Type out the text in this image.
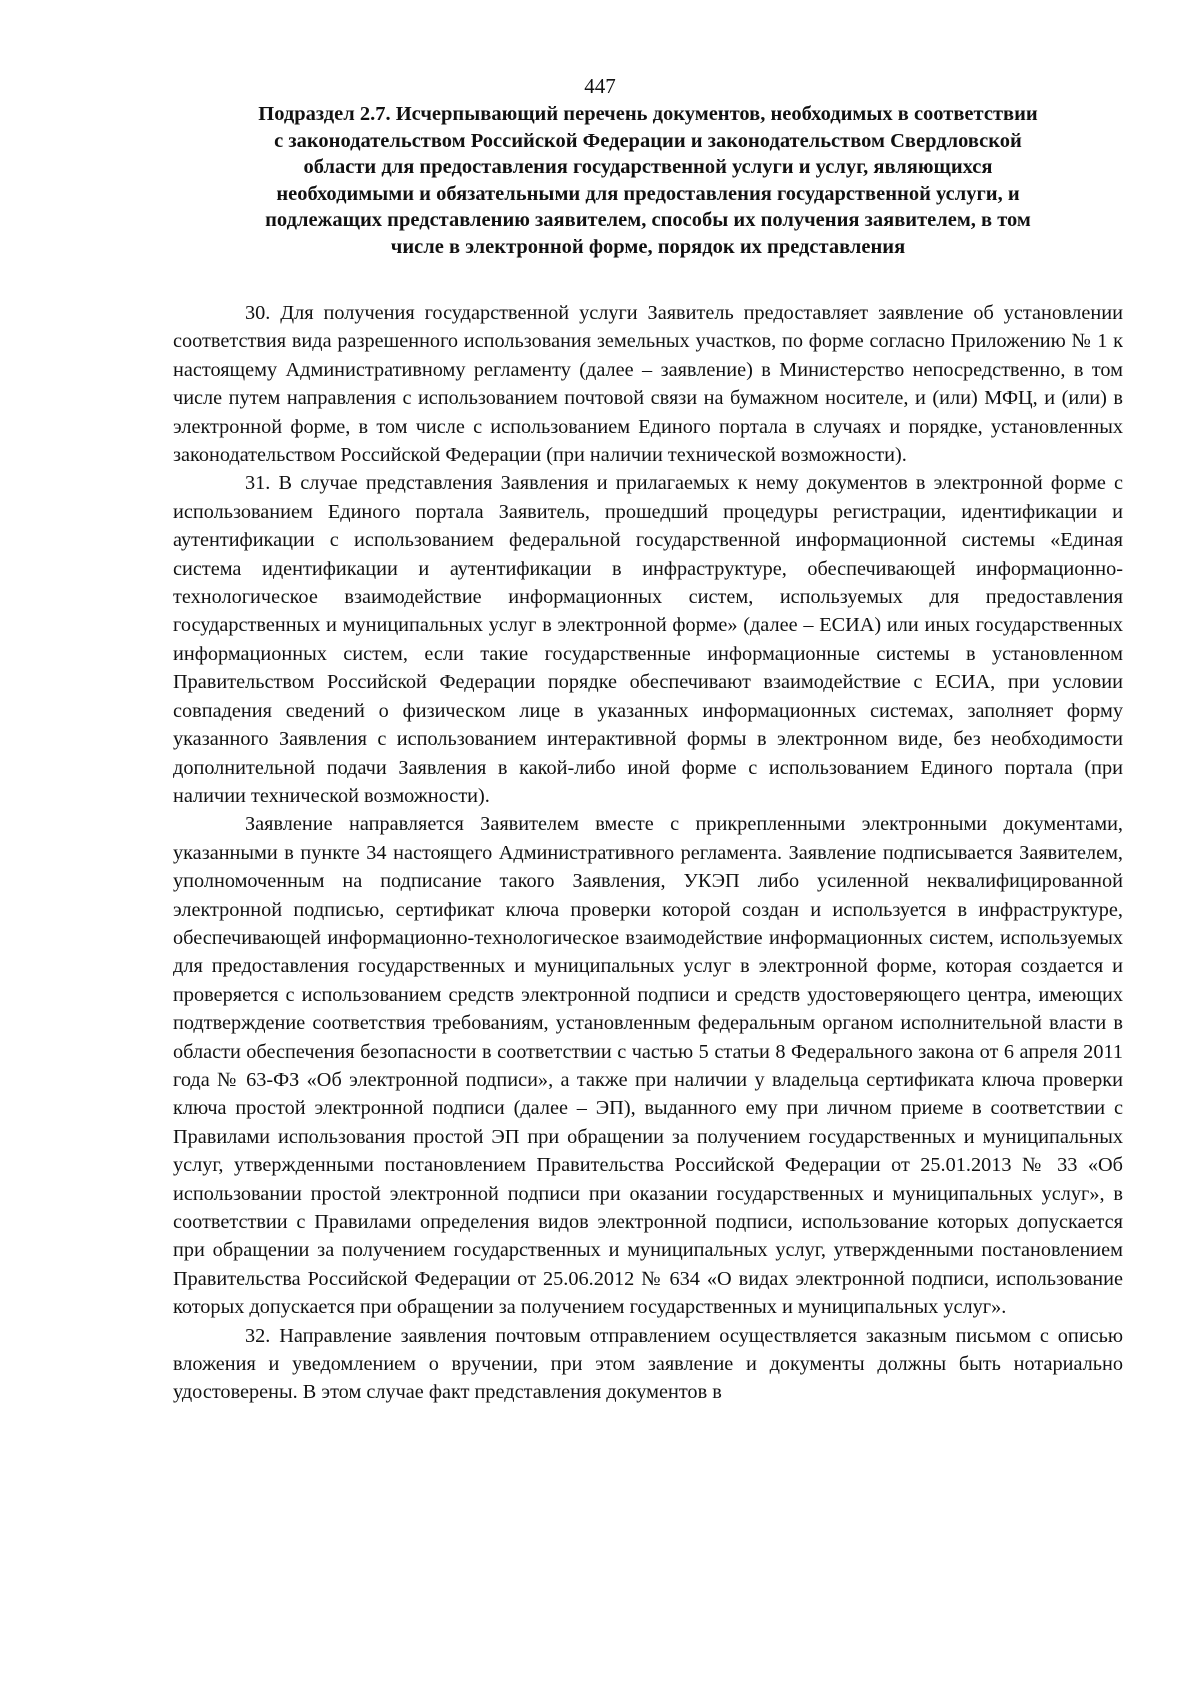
447
Подраздел 2.7. Исчерпывающий перечень документов, необходимых в соответствии
с законодательством Российской Федерации и законодательством Свердловской
области для предоставления государственной услуги и услуг, являющихся
необходимыми и обязательными для предоставления государственной услуги, и
подлежащих представлению заявителем, способы их получения заявителем, в том
числе в электронной форме, порядок их представления

30. Для получения государственной услуги Заявитель предоставляет заявление об установлении соответствия вида разрешенного использования земельных участков, по форме согласно Приложению № 1 к настоящему Административному регламенту (далее – заявление) в Министерство непосредственно, в том числе путем направления с использованием почтовой связи на бумажном носителе, и (или) МФЦ, и (или) в электронной форме, в том числе с использованием Единого портала в случаях и порядке, установленных законодательством Российской Федерации (при наличии технической возможности).

31. В случае представления Заявления и прилагаемых к нему документов в электронной форме с использованием Единого портала Заявитель, прошедший процедуры регистрации, идентификации и аутентификации с использованием федеральной государственной информационной системы «Единая система идентификации и аутентификации в инфраструктуре, обеспечивающей информационно-технологическое взаимодействие информационных систем, используемых для предоставления государственных и муниципальных услуг в электронной форме» (далее – ЕСИА) или иных государственных информационных систем, если такие государственные информационные системы в установленном Правительством Российской Федерации порядке обеспечивают взаимодействие с ЕСИА, при условии совпадения сведений о физическом лице в указанных информационных системах, заполняет форму указанного Заявления с использованием интерактивной формы в электронном виде, без необходимости дополнительной подачи Заявления в какой-либо иной форме с использованием Единого портала (при наличии технической возможности).

Заявление направляется Заявителем вместе с прикрепленными электронными документами, указанными в пункте 34 настоящего Административного регламента. Заявление подписывается Заявителем, уполномоченным на подписание такого Заявления, УКЭП либо усиленной неквалифицированной электронной подписью, сертификат ключа проверки которой создан и используется в инфраструктуре, обеспечивающей информационно-технологическое взаимодействие информационных систем, используемых для предоставления государственных и муниципальных услуг в электронной форме, которая создается и проверяется с использованием средств электронной подписи и средств удостоверяющего центра, имеющих подтверждение соответствия требованиям, установленным федеральным органом исполнительной власти в области обеспечения безопасности в соответствии с частью 5 статьи 8 Федерального закона от 6 апреля 2011 года № 63-ФЗ «Об электронной подписи», а также при наличии у владельца сертификата ключа проверки ключа простой электронной подписи (далее – ЭП), выданного ему при личном приеме в соответствии с Правилами использования простой ЭП при обращении за получением государственных и муниципальных услуг, утвержденными постановлением Правительства Российской Федерации от 25.01.2013 № 33 «Об использовании простой электронной подписи при оказании государственных и муниципальных услуг», в соответствии с Правилами определения видов электронной подписи, использование которых допускается при обращении за получением государственных и муниципальных услуг, утвержденными постановлением Правительства Российской Федерации от 25.06.2012 № 634 «О видах электронной подписи, использование которых допускается при обращении за получением государственных и муниципальных услуг».

32. Направление заявления почтовым отправлением осуществляется заказным письмом с описью вложения и уведомлением о вручении, при этом заявление и документы должны быть нотариально удостоверены. В этом случае факт представления документов в
